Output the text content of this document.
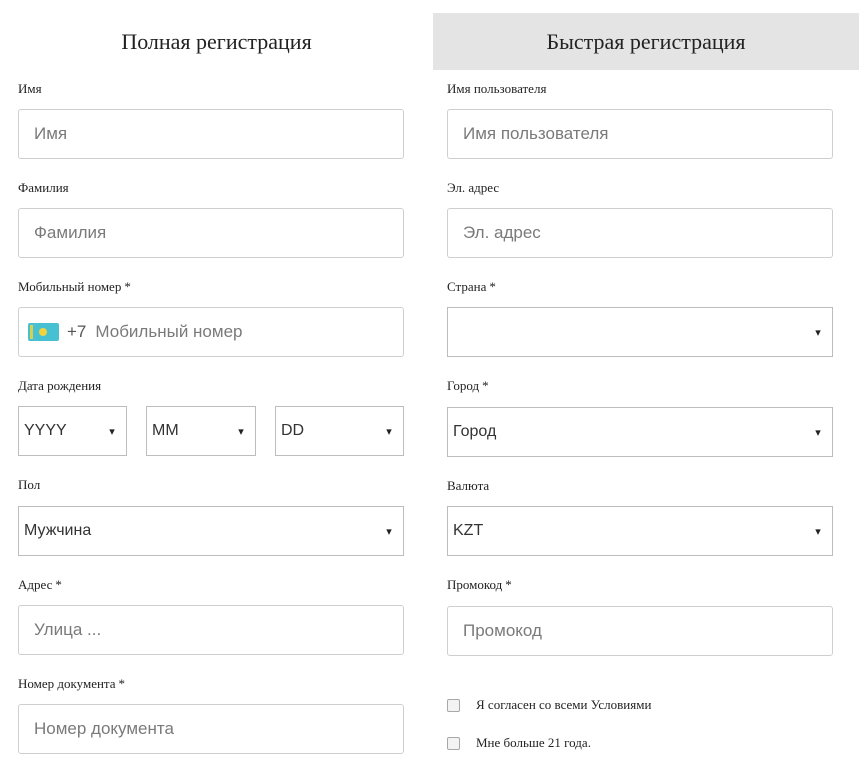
Полная регистрация	Быстрая регистрация
Имя
Имя
Фамилия
Фамилия
Мобильный номер *
+7
Мобильный номер
Дата рождения
YYYY	▾ MM	▾ DD	▾
Пол
Мужчина	▾
Адрес *
Улица ...
Номер документа *
Номер документа
Имя пользователя
Имя пользователя
Эл. адрес
Эл. адрес
Страна *
▾
Город *
Город	▾
Валюта
KZT	▾
Промокод *
Промокод
Я согласен со всеми Условиями
Мне больше 21 года.
